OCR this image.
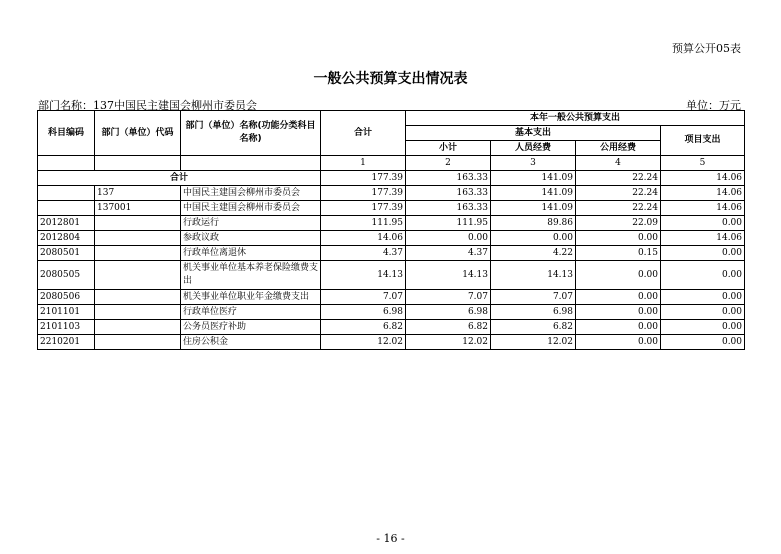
预算公开05表
一般公共预算支出情况表
部门名称：137中国民主建国会柳州市委员会	单位：万元
科目编码	部门（单位）代码	部门（单位）名称(功能分类科目名称)	合计	本年一般公共预算支出			
				基本支出			项目支出
				小计	人员经费	公用经费	
			1	2	3	4	5
合计			177.39	163.33	141.09	22.24	14.06
	137	中国民主建国会柳州市委员会	177.39	163.33	141.09	22.24	14.06
	137001	中国民主建国会柳州市委员会	177.39	163.33	141.09	22.24	14.06
2012801		行政运行	111.95	111.95	89.86	22.09	0.00
2012804		参政议政	14.06	0.00	0.00	0.00	14.06
2080501		行政单位离退休	4.37	4.37	4.22	0.15	0.00
2080505		机关事业单位基本养老保险缴费支出	14.13	14.13	14.13	0.00	0.00
2080506		机关事业单位职业年金缴费支出	7.07	7.07	7.07	0.00	0.00
2101101		行政单位医疗	6.98	6.98	6.98	0.00	0.00
2101103		公务员医疗补助	6.82	6.82	6.82	0.00	0.00
2210201		住房公积金	12.02	12.02	12.02	0.00	0.00
- 16 -
